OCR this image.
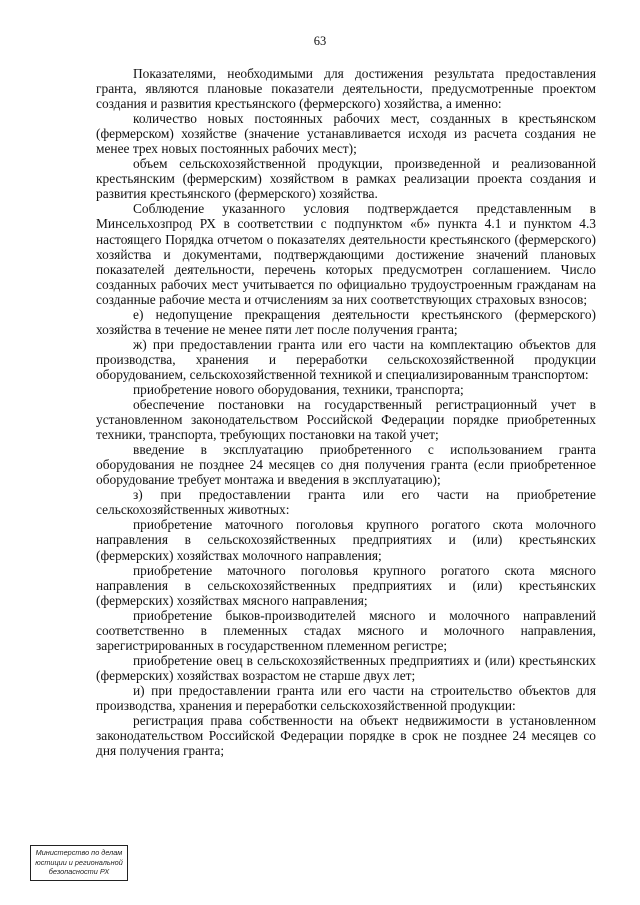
63

Показателями, необходимыми для достижения результата предоставления гранта, являются плановые показатели деятельности, предусмотренные проектом создания и развития крестьянского (фермерского) хозяйства, а именно:

количество новых постоянных рабочих мест, созданных в крестьянском (фермерском) хозяйстве (значение устанавливается исходя из расчета создания не менее трех новых постоянных рабочих мест);

объем сельскохозяйственной продукции, произведенной и реализованной крестьянским (фермерским) хозяйством в рамках реализации проекта создания и развития крестьянского (фермерского) хозяйства.

Соблюдение указанного условия подтверждается представленным в Минсельхозпрод РХ в соответствии с подпунктом «б» пункта 4.1 и пунктом 4.3 настоящего Порядка отчетом о показателях деятельности крестьянского (фермерского) хозяйства и документами, подтверждающими достижение значений плановых показателей деятельности, перечень которых предусмотрен соглашением. Число созданных рабочих мест учитывается по официально трудоустроенным гражданам на созданные рабочие места и отчислениям за них соответствующих страховых взносов;

е) недопущение прекращения деятельности крестьянского (фермерского) хозяйства в течение не менее пяти лет после получения гранта;

ж) при предоставлении гранта или его части на комплектацию объектов для производства, хранения и переработки сельскохозяйственной продукции оборудованием, сельскохозяйственной техникой и специализированным транспортом:

приобретение нового оборудования, техники, транспорта;

обеспечение постановки на государственный регистрационный учет в установленном законодательством Российской Федерации порядке приобретенных техники, транспорта, требующих постановки на такой учет;

введение в эксплуатацию приобретенного с использованием гранта оборудования не позднее 24 месяцев со дня получения гранта (если приобретенное оборудование требует монтажа и введения в эксплуатацию);

з) при предоставлении гранта или его части на приобретение сельскохозяйственных животных:

приобретение маточного поголовья крупного рогатого скота молочного направления в сельскохозяйственных предприятиях и (или) крестьянских (фермерских) хозяйствах молочного направления;

приобретение маточного поголовья крупного рогатого скота мясного направления в сельскохозяйственных предприятиях и (или) крестьянских (фермерских) хозяйствах мясного направления;

приобретение быков-производителей мясного и молочного направлений соответственно в племенных стадах мясного и молочного направления, зарегистрированных в государственном племенном регистре;

приобретение овец в сельскохозяйственных предприятиях и (или) крестьянских (фермерских) хозяйствах возрастом не старше двух лет;

и) при предоставлении гранта или его части на строительство объектов для производства, хранения и переработки сельскохозяйственной продукции:

регистрация права собственности на объект недвижимости в установленном законодательством Российской Федерации порядке в срок не позднее 24 месяцев со дня получения гранта;

Министерство по делам
юстиции и региональной
безопасности РХ
